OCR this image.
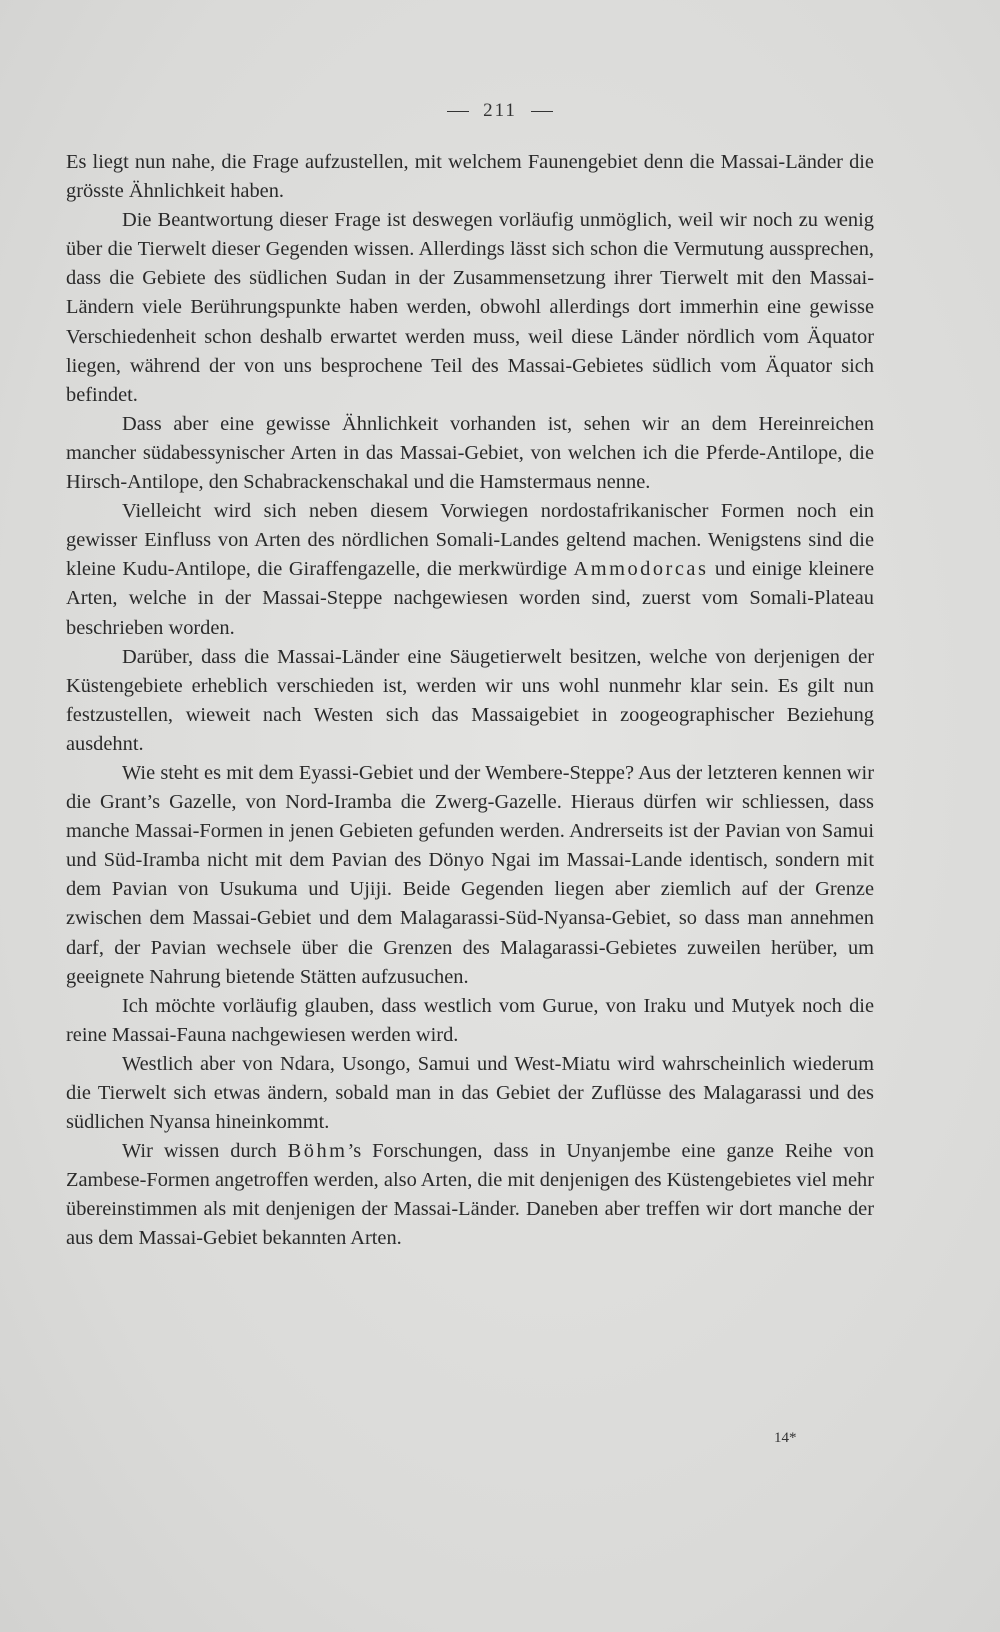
211

Es liegt nun nahe, die Frage aufzustellen, mit welchem Faunengebiet denn die Massai-Länder die grösste Ähnlichkeit haben.

Die Beantwortung dieser Frage ist deswegen vorläufig unmöglich, weil wir noch zu wenig über die Tierwelt dieser Gegenden wissen. Allerdings lässt sich schon die Vermutung aussprechen, dass die Gebiete des südlichen Sudan in der Zusammensetzung ihrer Tierwelt mit den Massai-Ländern viele Berührungspunkte haben werden, obwohl allerdings dort immerhin eine gewisse Verschiedenheit schon deshalb erwartet werden muss, weil diese Länder nördlich vom Äquator liegen, während der von uns besprochene Teil des Massai-Gebietes südlich vom Äquator sich befindet.

Dass aber eine gewisse Ähnlichkeit vorhanden ist, sehen wir an dem Hereinreichen mancher südabessynischer Arten in das Massai-Gebiet, von welchen ich die Pferde-Antilope, die Hirsch-Antilope, den Schabrackenschakal und die Hamstermaus nenne.

Vielleicht wird sich neben diesem Vorwiegen nordostafrikanischer Formen noch ein gewisser Einfluss von Arten des nördlichen Somali-Landes geltend machen. Wenigstens sind die kleine Kudu-Antilope, die Giraffengazelle, die merkwürdige Ammodorcas und einige kleinere Arten, welche in der Massai-Steppe nachgewiesen worden sind, zuerst vom Somali-Plateau beschrieben worden.

Darüber, dass die Massai-Länder eine Säugetierwelt besitzen, welche von derjenigen der Küstengebiete erheblich verschieden ist, werden wir uns wohl nunmehr klar sein. Es gilt nun festzustellen, wieweit nach Westen sich das Massaigebiet in zoogeographischer Beziehung ausdehnt.

Wie steht es mit dem Eyassi-Gebiet und der Wembere-Steppe? Aus der letzteren kennen wir die Grant’s Gazelle, von Nord-Iramba die Zwerg-Gazelle. Hieraus dürfen wir schliessen, dass manche Massai-Formen in jenen Gebieten gefunden werden. Andrerseits ist der Pavian von Samui und Süd-Iramba nicht mit dem Pavian des Dönyo Ngai im Massai-Lande identisch, sondern mit dem Pavian von Usukuma und Ujiji. Beide Gegenden liegen aber ziemlich auf der Grenze zwischen dem Massai-Gebiet und dem Malagarassi-Süd-Nyansa-Gebiet, so dass man annehmen darf, der Pavian wechsele über die Grenzen des Malagarassi-Gebietes zuweilen herüber, um geeignete Nahrung bietende Stätten aufzusuchen.

Ich möchte vorläufig glauben, dass westlich vom Gurue, von Iraku und Mutyek noch die reine Massai-Fauna nachgewiesen werden wird.

Westlich aber von Ndara, Usongo, Samui und West-Miatu wird wahrscheinlich wiederum die Tierwelt sich etwas ändern, sobald man in das Gebiet der Zuflüsse des Malagarassi und des südlichen Nyansa hineinkommt.

Wir wissen durch Böhm’s Forschungen, dass in Unyanjembe eine ganze Reihe von Zambese-Formen angetroffen werden, also Arten, die mit denjenigen des Küstengebietes viel mehr übereinstimmen als mit denjenigen der Massai-Länder. Daneben aber treffen wir dort manche der aus dem Massai-Gebiet bekannten Arten.

14*
